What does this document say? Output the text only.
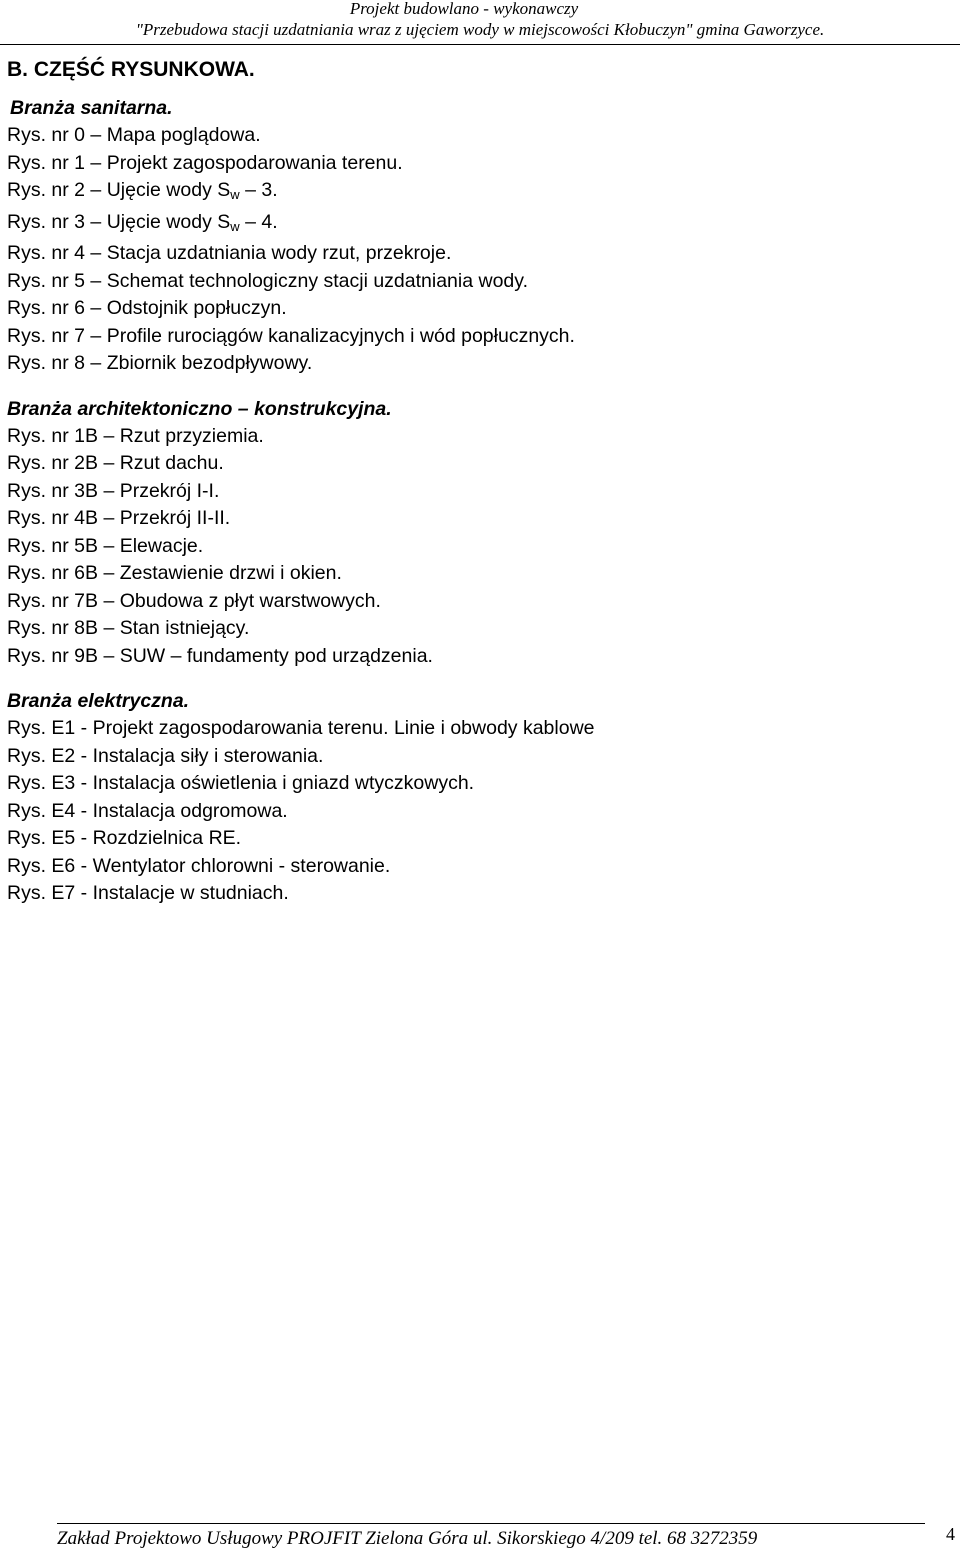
Projekt budowlano - wykonawczy
"Przebudowa stacji uzdatniania wraz z ujęciem wody w miejscowości Kłobuczyn" gmina Gaworzyce.
B. CZĘŚĆ RYSUNKOWA.
Branża sanitarna.
Rys. nr 0 – Mapa poglądowa.
Rys. nr 1 – Projekt zagospodarowania terenu.
Rys. nr 2 – Ujęcie wody $S_w - 3$.
Rys. nr 3 – Ujęcie wody $S_w - 4$.
Rys. nr 4 – Stacja uzdatniania wody rzut, przekroje.
Rys. nr 5 – Schemat technologiczny stacji uzdatniania wody.
Rys. nr 6 – Odstojnik popłuczyn.
Rys. nr 7 – Profile rurociągów kanalizacyjnych i wód popłucznych.
Rys. nr 8 – Zbiornik bezodpływowy.
Branża architektoniczno – konstrukcyjna.
Rys. nr 1B – Rzut przyziemia.
Rys. nr 2B – Rzut dachu.
Rys. nr 3B – Przekrój I-I.
Rys. nr 4B – Przekrój II-II.
Rys. nr 5B – Elewacje.
Rys. nr 6B – Zestawienie drzwi i okien.
Rys. nr 7B – Obudowa z płyt warstwowych.
Rys. nr 8B – Stan istniejący.
Rys. nr 9B – SUW – fundamenty pod urządzenia.
Branża elektryczna.
Rys. E1 - Projekt zagospodarowania terenu. Linie i obwody kablowe
Rys. E2 - Instalacja siły i sterowania.
Rys. E3 - Instalacja oświetlenia i gniazd wtyczkowych.
Rys. E4 - Instalacja odgromowa.
Rys. E5 - Rozdzielnica RE.
Rys. E6 - Wentylator chlorowni - sterowanie.
Rys. E7 - Instalacje w studniach.
Zakład Projektowo Usługowy PROJFIT Zielona Góra ul. Sikorskiego 4/209 tel. 68 3272359	4
